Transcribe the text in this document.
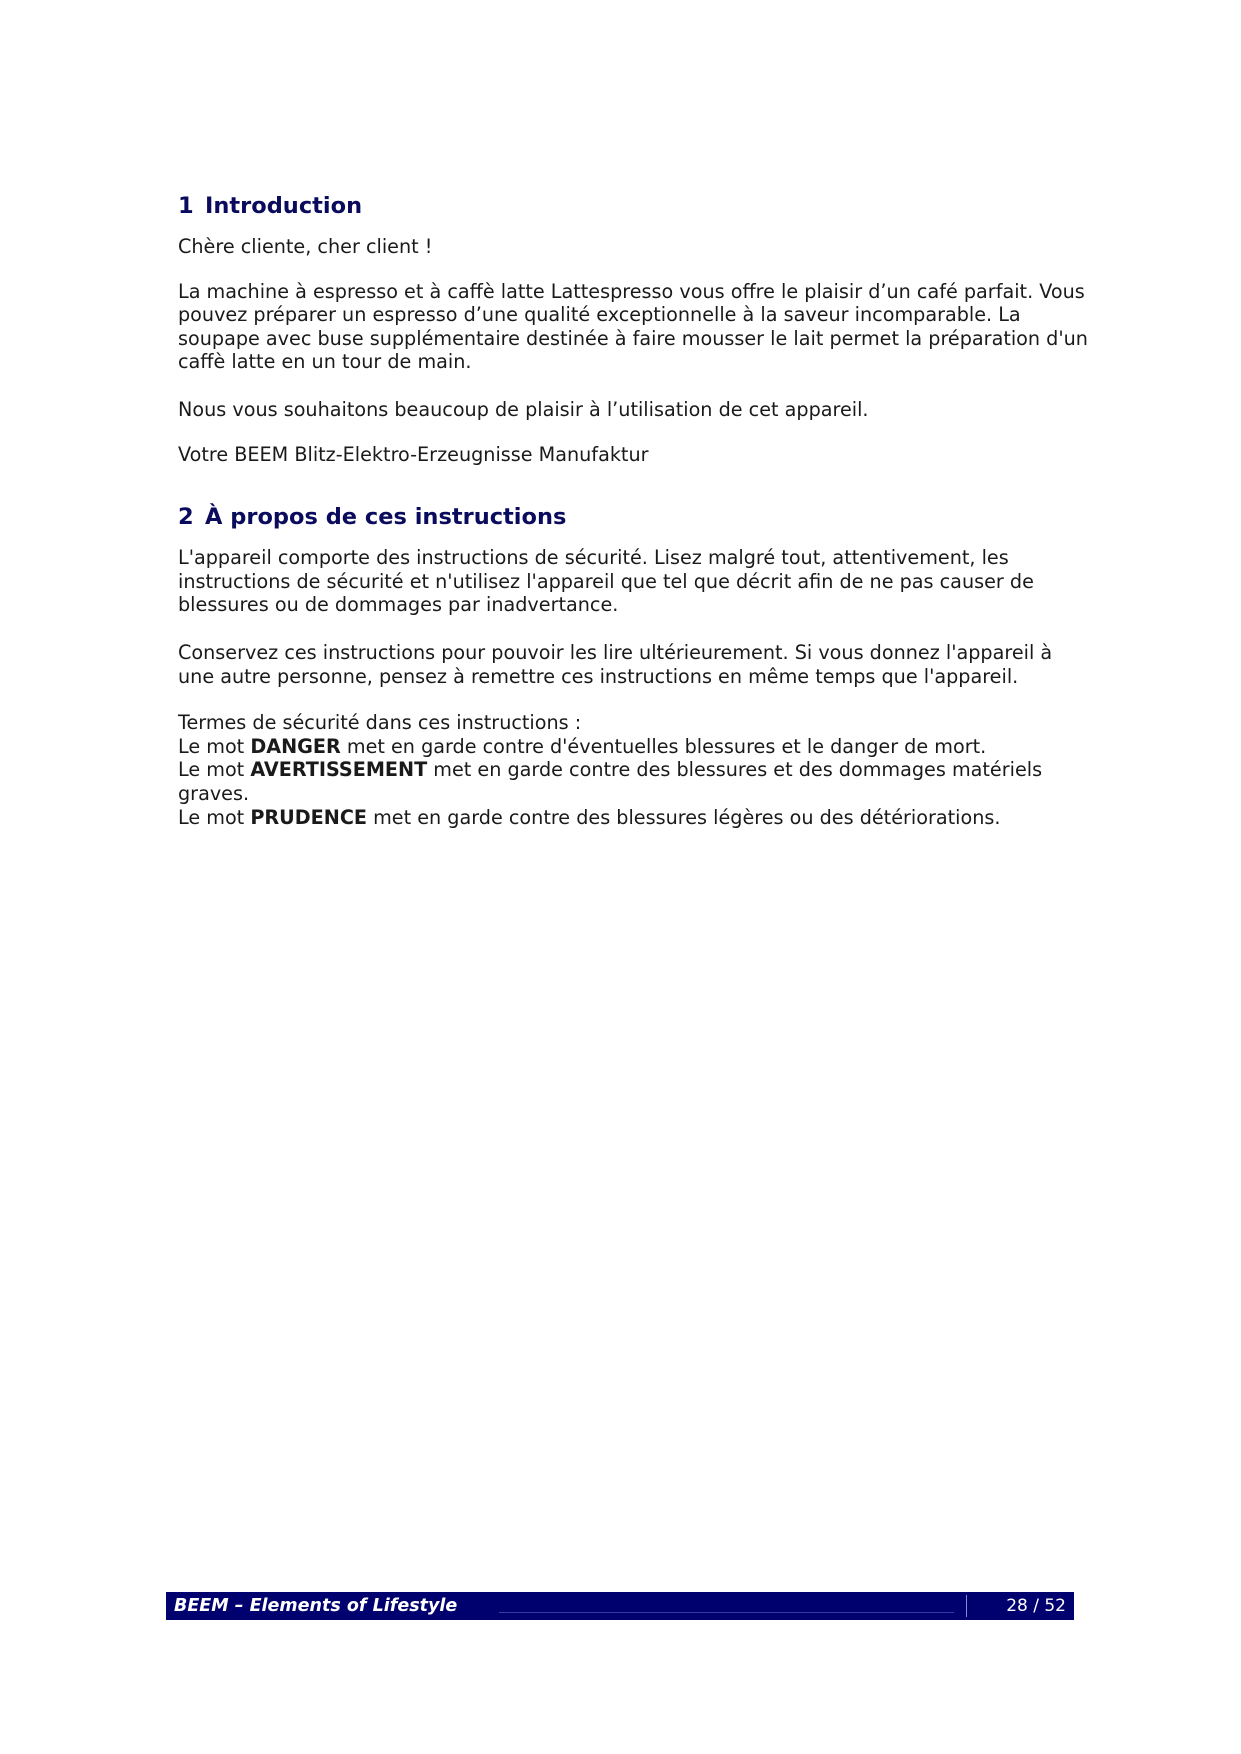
1 Introduction

Chère cliente, cher client !

La machine à espresso et à caffè latte Lattespresso vous offre le plaisir d’un café parfait. Vous pouvez préparer un espresso d’une qualité exceptionnelle à la saveur incomparable. La soupape avec buse supplémentaire destinée à faire mousser le lait permet la préparation d'un caffè latte en un tour de main.

Nous vous souhaitons beaucoup de plaisir à l’utilisation de cet appareil.

Votre BEEM Blitz-Elektro-Erzeugnisse Manufaktur

2 À propos de ces instructions

L'appareil comporte des instructions de sécurité. Lisez malgré tout, attentivement, les instructions de sécurité et n'utilisez l'appareil que tel que décrit afin de ne pas causer de blessures ou de dommages par inadvertance.

Conservez ces instructions pour pouvoir les lire ultérieurement. Si vous donnez l'appareil à une autre personne, pensez à remettre ces instructions en même temps que l'appareil.

Termes de sécurité dans ces instructions :

Le mot DANGER met en garde contre d'éventuelles blessures et le danger de mort.

Le mot AVERTISSEMENT met en garde contre des blessures et des dommages matériels graves.

Le mot PRUDENCE met en garde contre des blessures légères ou des détériorations.

BEEM – Elements of Lifestyle	28 / 52
